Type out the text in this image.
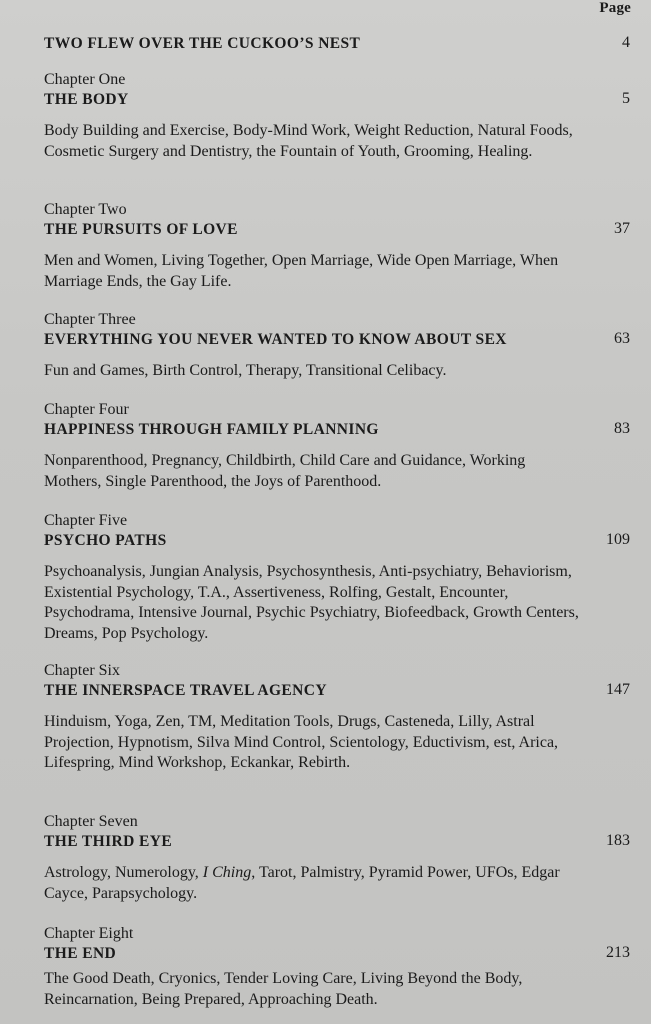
Page
TWO FLEW OVER THE CUCKOO’S NEST	4
Chapter One
THE BODY	5
Body Building and Exercise, Body-Mind Work, Weight Reduction, Natural Foods, Cosmetic Surgery and Dentistry, the Fountain of Youth, Grooming, Healing.
Chapter Two
THE PURSUITS OF LOVE	37
Men and Women, Living Together, Open Marriage, Wide Open Marriage, When Marriage Ends, the Gay Life.
Chapter Three
EVERYTHING YOU NEVER WANTED TO KNOW ABOUT SEX	63
Fun and Games, Birth Control, Therapy, Transitional Celibacy.
Chapter Four
HAPPINESS THROUGH FAMILY PLANNING	83
Nonparenthood, Pregnancy, Childbirth, Child Care and Guidance, Working Mothers, Single Parenthood, the Joys of Parenthood.
Chapter Five
PSYCHO PATHS	109
Psychoanalysis, Jungian Analysis, Psychosynthesis, Anti-psychiatry, Behaviorism, Existential Psychology, T.A., Assertiveness, Rolfing, Gestalt, Encounter, Psychodrama, Intensive Journal, Psychic Psychiatry, Biofeedback, Growth Centers, Dreams, Pop Psychology.
Chapter Six
THE INNERSPACE TRAVEL AGENCY	147
Hinduism, Yoga, Zen, TM, Meditation Tools, Drugs, Casteneda, Lilly, Astral Projection, Hypnotism, Silva Mind Control, Scientology, Eductivism, est, Arica, Lifespring, Mind Workshop, Eckankar, Rebirth.
Chapter Seven
THE THIRD EYE	183
Astrology, Numerology, I Ching, Tarot, Palmistry, Pyramid Power, UFOs, Edgar Cayce, Parapsychology.
Chapter Eight
THE END	213
The Good Death, Cryonics, Tender Loving Care, Living Beyond the Body, Reincarnation, Being Prepared, Approaching Death.
